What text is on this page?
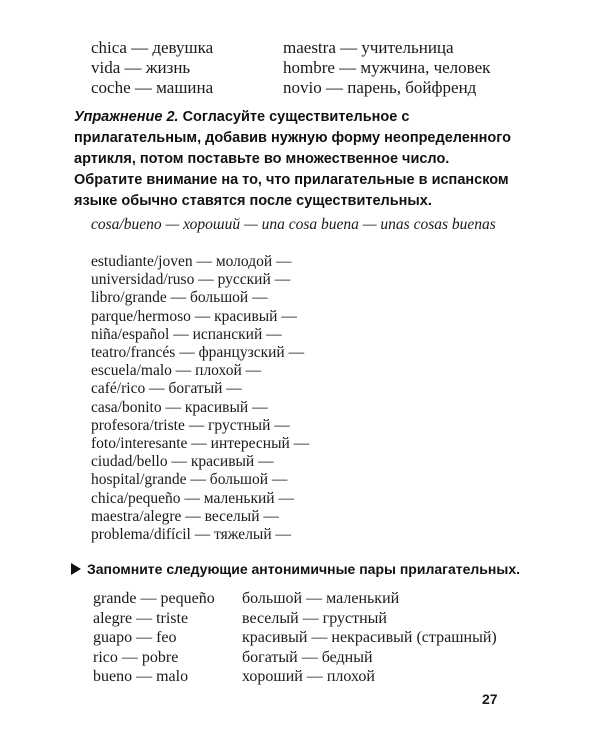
chica — девушка
vida — жизнь
coche — машина
maestra — учительница
hombre — мужчина, человек
novio — парень, бойфренд
Упражнение 2. Согласуйте существительное с прилагательным, добавив нужную форму неопределенного артикля, потом поставьте во множественное число. Обратите внимание на то, что прилагательные в испанском языке обычно ставятся после существительных.
cosa/bueno — хороший — una cosa buena — unas cosas buenas
estudiante/joven — молодой —
universidad/ruso — русский —
libro/grande — большой —
parque/hermoso — красивый —
niña/español — испанский —
teatro/francés — французский —
escuela/malo — плохой —
café/rico — богатый —
casa/bonito — красивый —
profesora/triste — грустный —
foto/interesante — интересный —
ciudad/bello — красивый —
hospital/grande — большой —
chica/pequeño — маленький —
maestra/alegre — веселый —
problema/difícil — тяжелый —
Запомните следующие антонимичные пары прилагательных.
grande — pequeño
alegre — triste
guapo — feo
rico — pobre
bueno — malo
большой — маленький
веселый — грустный
красивый — некрасивый (страшный)
богатый — бедный
хороший — плохой
27
